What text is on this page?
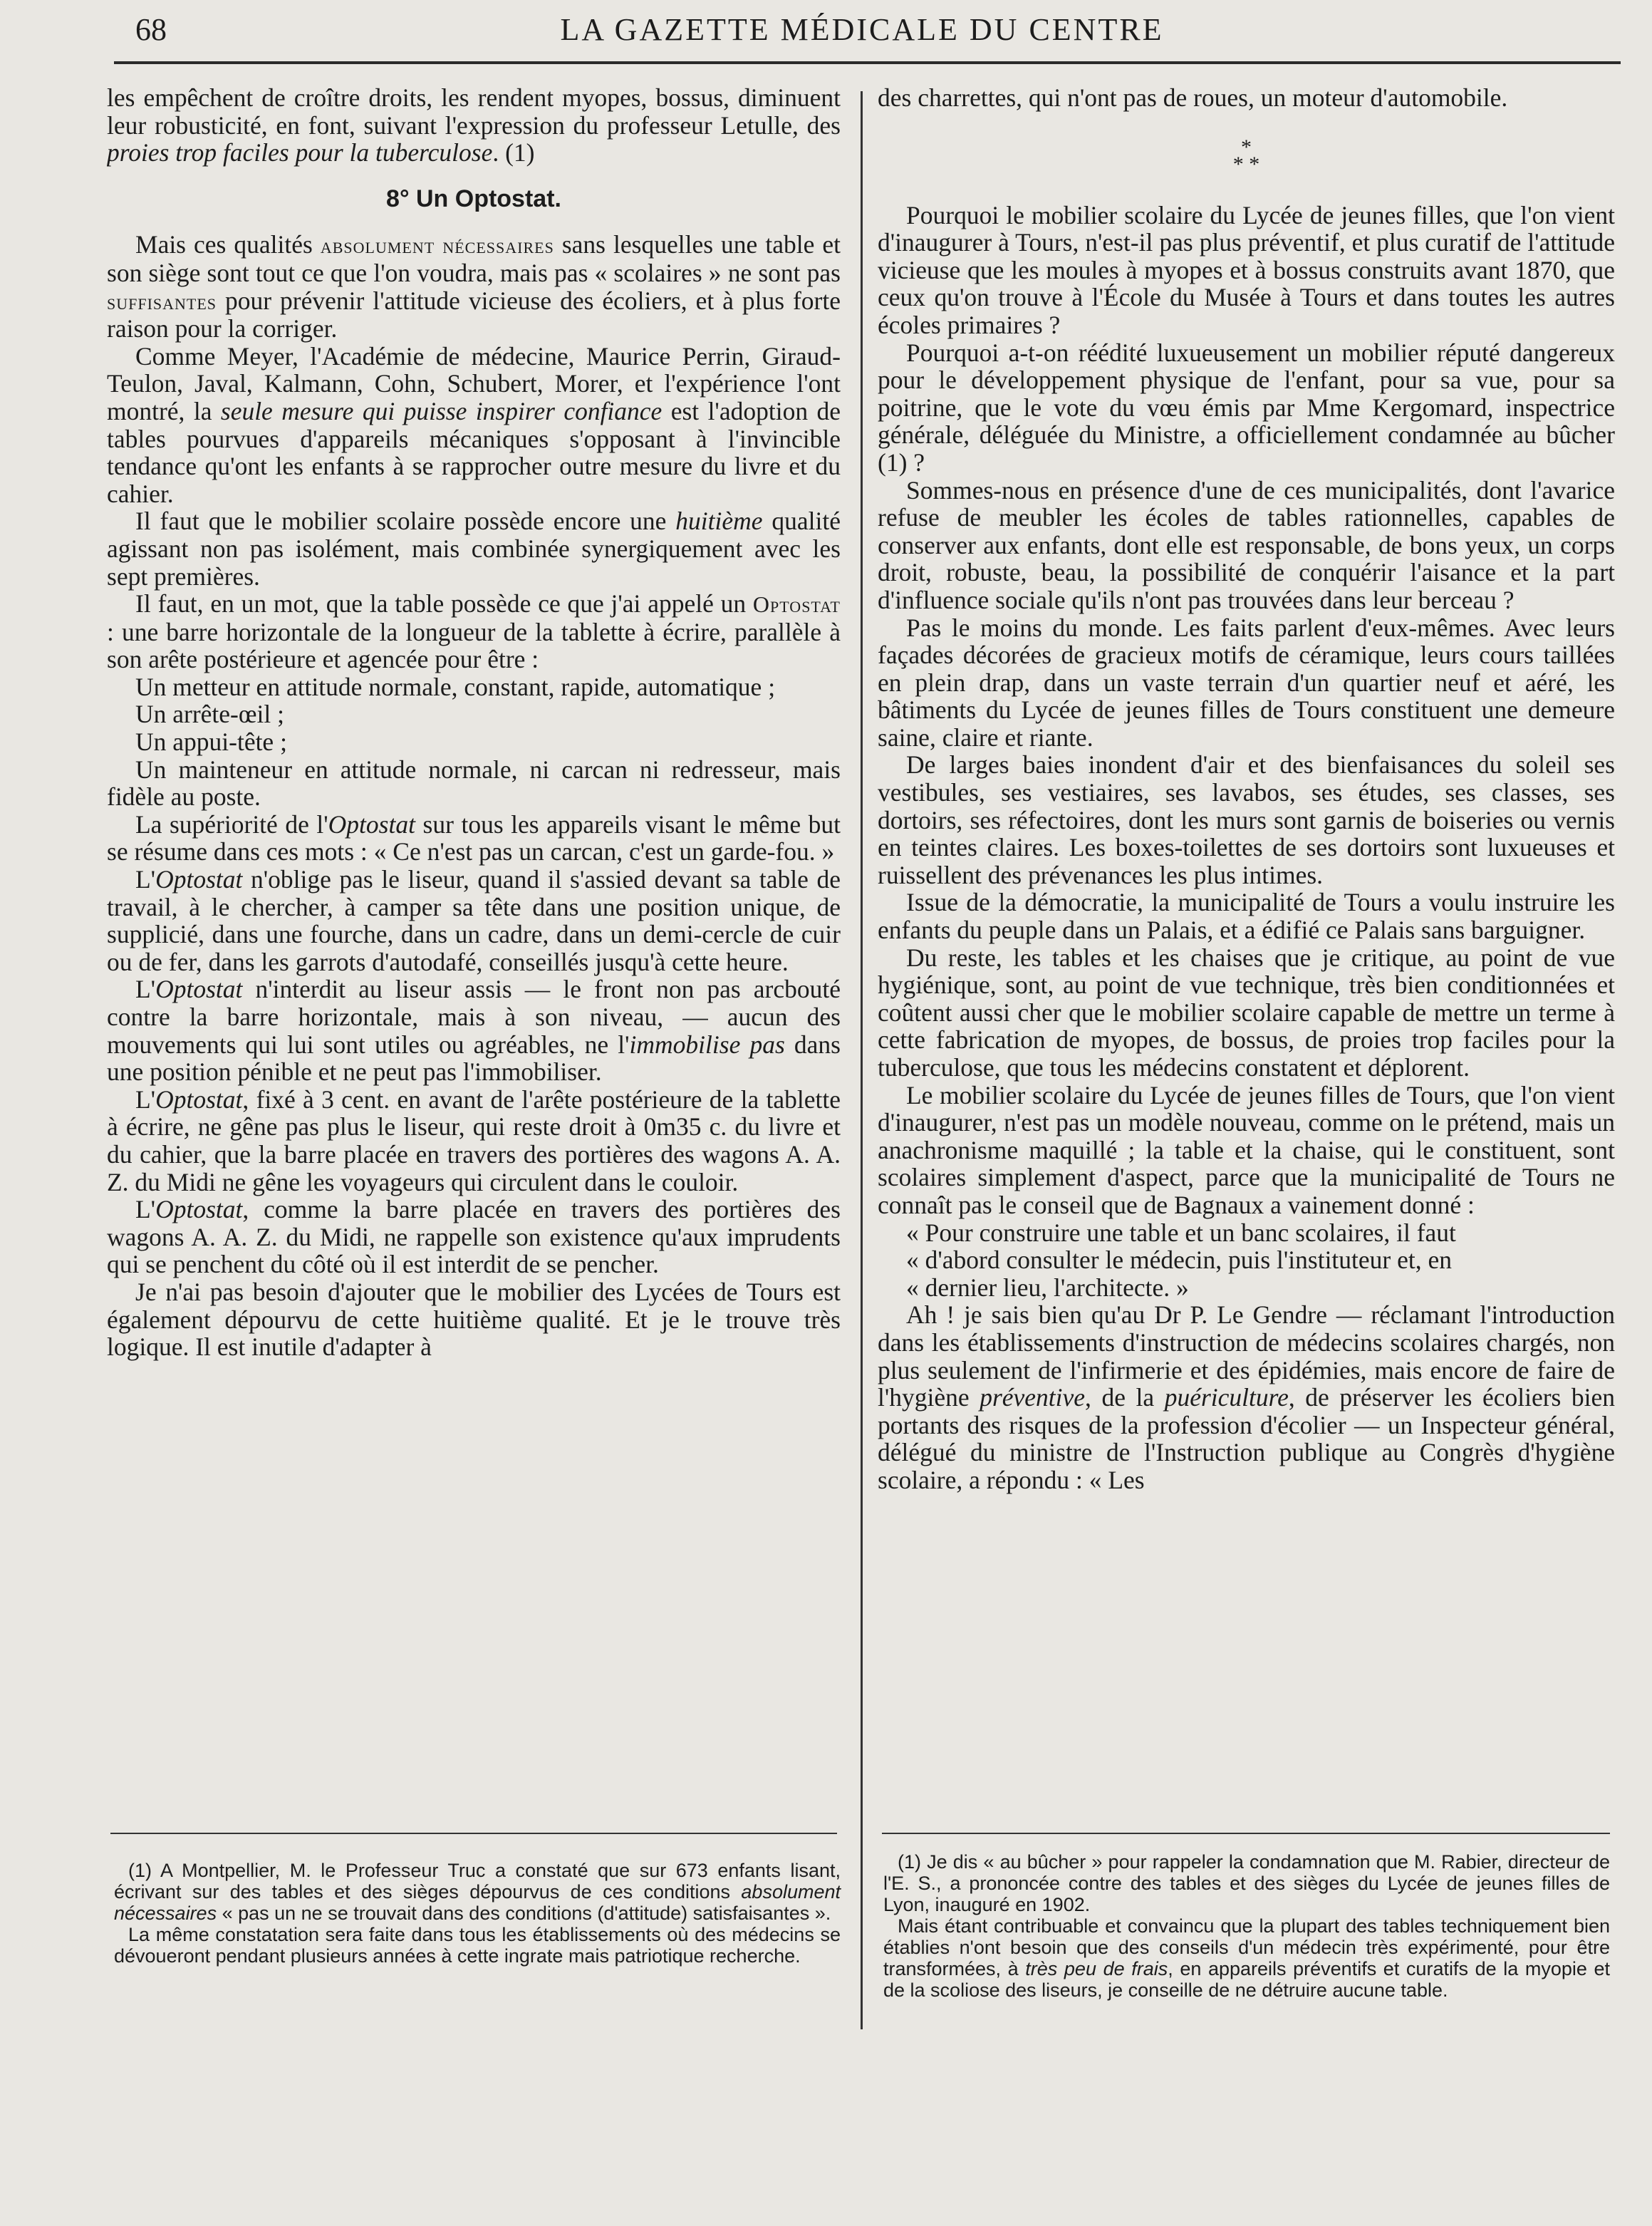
68	LA GAZETTE MÉDICALE DU CENTRE

les empêchent de croître droits, les rendent myopes, bossus, diminuent leur robusticité, en font, suivant l'expression du professeur Letulle, des proies trop faciles pour la tuberculose. (1)

8° Un Optostat.

Mais ces qualités absolument nécessaires sans lesquelles une table et son siège sont tout ce que l'on voudra, mais pas « scolaires » ne sont pas suffisantes pour prévenir l'attitude vicieuse des écoliers, et à plus forte raison pour la corriger.

Comme Meyer, l'Académie de médecine, Maurice Perrin, Giraud-Teulon, Javal, Kalmann, Cohn, Schubert, Morer, et l'expérience l'ont montré, la seule mesure qui puisse inspirer confiance est l'adoption de tables pourvues d'appareils mécaniques s'opposant à l'invincible tendance qu'ont les enfants à se rapprocher outre mesure du livre et du cahier.

Il faut que le mobilier scolaire possède encore une huitième qualité agissant non pas isolément, mais combinée synergiquement avec les sept premières.

Il faut, en un mot, que la table possède ce que j'ai appelé un Optostat : une barre horizontale de la longueur de la tablette à écrire, parallèle à son arête postérieure et agencée pour être :

Un metteur en attitude normale, constant, rapide, automatique ;

Un arrête-œil ;

Un appui-tête ;

Un mainteneur en attitude normale, ni carcan ni redresseur, mais fidèle au poste.

La supériorité de l'Optostat sur tous les appareils visant le même but se résume dans ces mots : « Ce n'est pas un carcan, c'est un garde-fou. »

L'Optostat n'oblige pas le liseur, quand il s'assied devant sa table de travail, à le chercher, à camper sa tête dans une position unique, de supplicié, dans une fourche, dans un cadre, dans un demi-cercle de cuir ou de fer, dans les garrots d'autodafé, conseillés jusqu'à cette heure.

L'Optostat n'interdit au liseur assis — le front non pas arcbouté contre la barre horizontale, mais à son niveau, — aucun des mouvements qui lui sont utiles ou agréables, ne l'immobilise pas dans une position pénible et ne peut pas l'immobiliser.

L'Optostat, fixé à 3 cent. en avant de l'arête postérieure de la tablette à écrire, ne gêne pas plus le liseur, qui reste droit à 0m35 c. du livre et du cahier, que la barre placée en travers des portières des wagons A. A. Z. du Midi ne gêne les voyageurs qui circulent dans le couloir.

L'Optostat, comme la barre placée en travers des portières des wagons A. A. Z. du Midi, ne rappelle son existence qu'aux imprudents qui se penchent du côté où il est interdit de se pencher.

Je n'ai pas besoin d'ajouter que le mobilier des Lycées de Tours est également dépourvu de cette huitième qualité. Et je le trouve très logique. Il est inutile d'adapter à

des charrettes, qui n'ont pas de roues, un moteur d'automobile.

*
* *

Pourquoi le mobilier scolaire du Lycée de jeunes filles, que l'on vient d'inaugurer à Tours, n'est-il pas plus préventif, et plus curatif de l'attitude vicieuse que les moules à myopes et à bossus construits avant 1870, que ceux qu'on trouve à l'École du Musée à Tours et dans toutes les autres écoles primaires ?

Pourquoi a-t-on réédité luxueusement un mobilier réputé dangereux pour le développement physique de l'enfant, pour sa vue, pour sa poitrine, que le vote du vœu émis par Mme Kergomard, inspectrice générale, déléguée du Ministre, a officiellement condamnée au bûcher (1) ?

Sommes-nous en présence d'une de ces municipalités, dont l'avarice refuse de meubler les écoles de tables rationnelles, capables de conserver aux enfants, dont elle est responsable, de bons yeux, un corps droit, robuste, beau, la possibilité de conquérir l'aisance et la part d'influence sociale qu'ils n'ont pas trouvées dans leur berceau ?

Pas le moins du monde. Les faits parlent d'eux-mêmes. Avec leurs façades décorées de gracieux motifs de céramique, leurs cours taillées en plein drap, dans un vaste terrain d'un quartier neuf et aéré, les bâtiments du Lycée de jeunes filles de Tours constituent une demeure saine, claire et riante.

De larges baies inondent d'air et des bienfaisances du soleil ses vestibules, ses vestiaires, ses lavabos, ses études, ses classes, ses dortoirs, ses réfectoires, dont les murs sont garnis de boiseries ou vernis en teintes claires. Les boxes-toilettes de ses dortoirs sont luxueuses et ruissellent des prévenances les plus intimes.

Issue de la démocratie, la municipalité de Tours a voulu instruire les enfants du peuple dans un Palais, et a édifié ce Palais sans barguigner.

Du reste, les tables et les chaises que je critique, au point de vue hygiénique, sont, au point de vue technique, très bien conditionnées et coûtent aussi cher que le mobilier scolaire capable de mettre un terme à cette fabrication de myopes, de bossus, de proies trop faciles pour la tuberculose, que tous les médecins constatent et déplorent.

Le mobilier scolaire du Lycée de jeunes filles de Tours, que l'on vient d'inaugurer, n'est pas un modèle nouveau, comme on le prétend, mais un anachronisme maquillé ; la table et la chaise, qui le constituent, sont scolaires simplement d'aspect, parce que la municipalité de Tours ne connaît pas le conseil que de Bagnaux a vainement donné :

« Pour construire une table et un banc scolaires, il faut

« d'abord consulter le médecin, puis l'instituteur et, en

« dernier lieu, l'architecte. »

Ah ! je sais bien qu'au Dr P. Le Gendre — réclamant l'introduction dans les établissements d'instruction de médecins scolaires chargés, non plus seulement de l'infirmerie et des épidémies, mais encore de faire de l'hygiène préventive, de la puériculture, de préserver les écoliers bien portants des risques de la profession d'écolier — un Inspecteur général, délégué du ministre de l'Instruction publique au Congrès d'hygiène scolaire, a répondu : « Les

(1) A Montpellier, M. le Professeur Truc a constaté que sur 673 enfants lisant, écrivant sur des tables et des sièges dépourvus de ces conditions absolument nécessaires « pas un ne se trouvait dans des conditions (d'attitude) satisfaisantes ».

La même constatation sera faite dans tous les établissements où des médecins se dévoueront pendant plusieurs années à cette ingrate mais patriotique recherche.

(1) Je dis « au bûcher » pour rappeler la condamnation que M. Rabier, directeur de l'E. S., a prononcée contre des tables et des sièges du Lycée de jeunes filles de Lyon, inauguré en 1902.

Mais étant contribuable et convaincu que la plupart des tables techniquement bien établies n'ont besoin que des conseils d'un médecin très expérimenté, pour être transformées, à très peu de frais, en appareils préventifs et curatifs de la myopie et de la scoliose des liseurs, je conseille de ne détruire aucune table.
